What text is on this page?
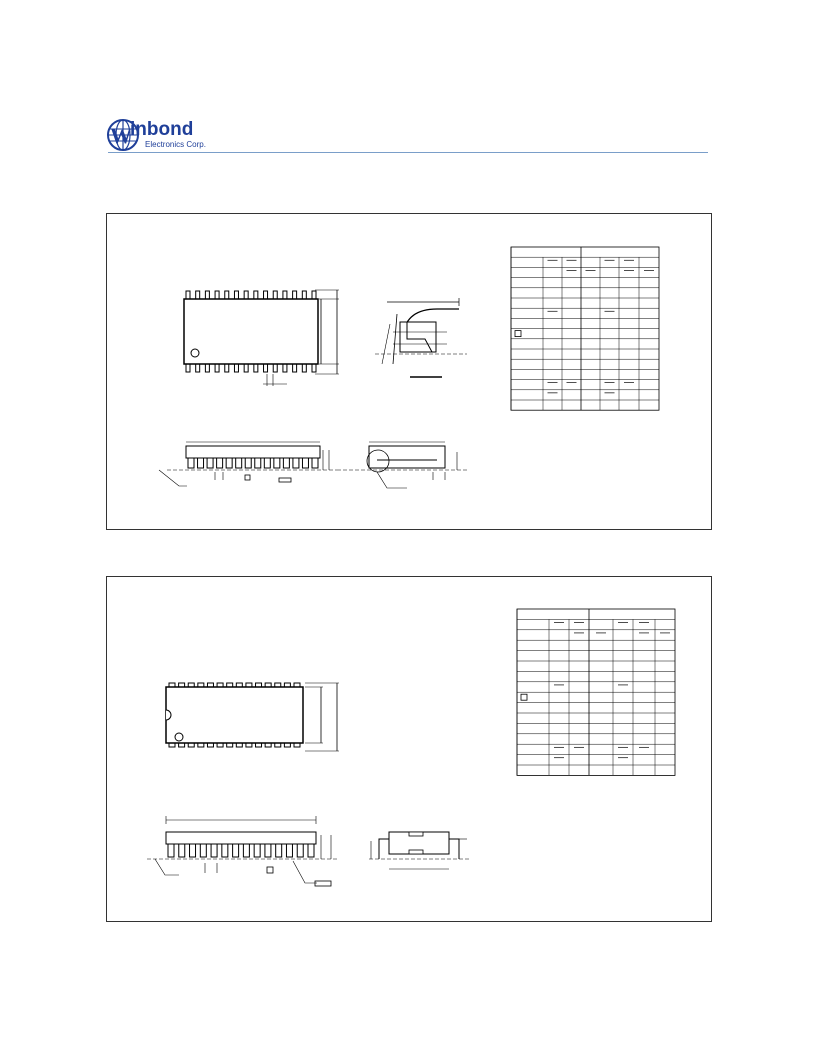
W
inbond
Electronics Corp.
